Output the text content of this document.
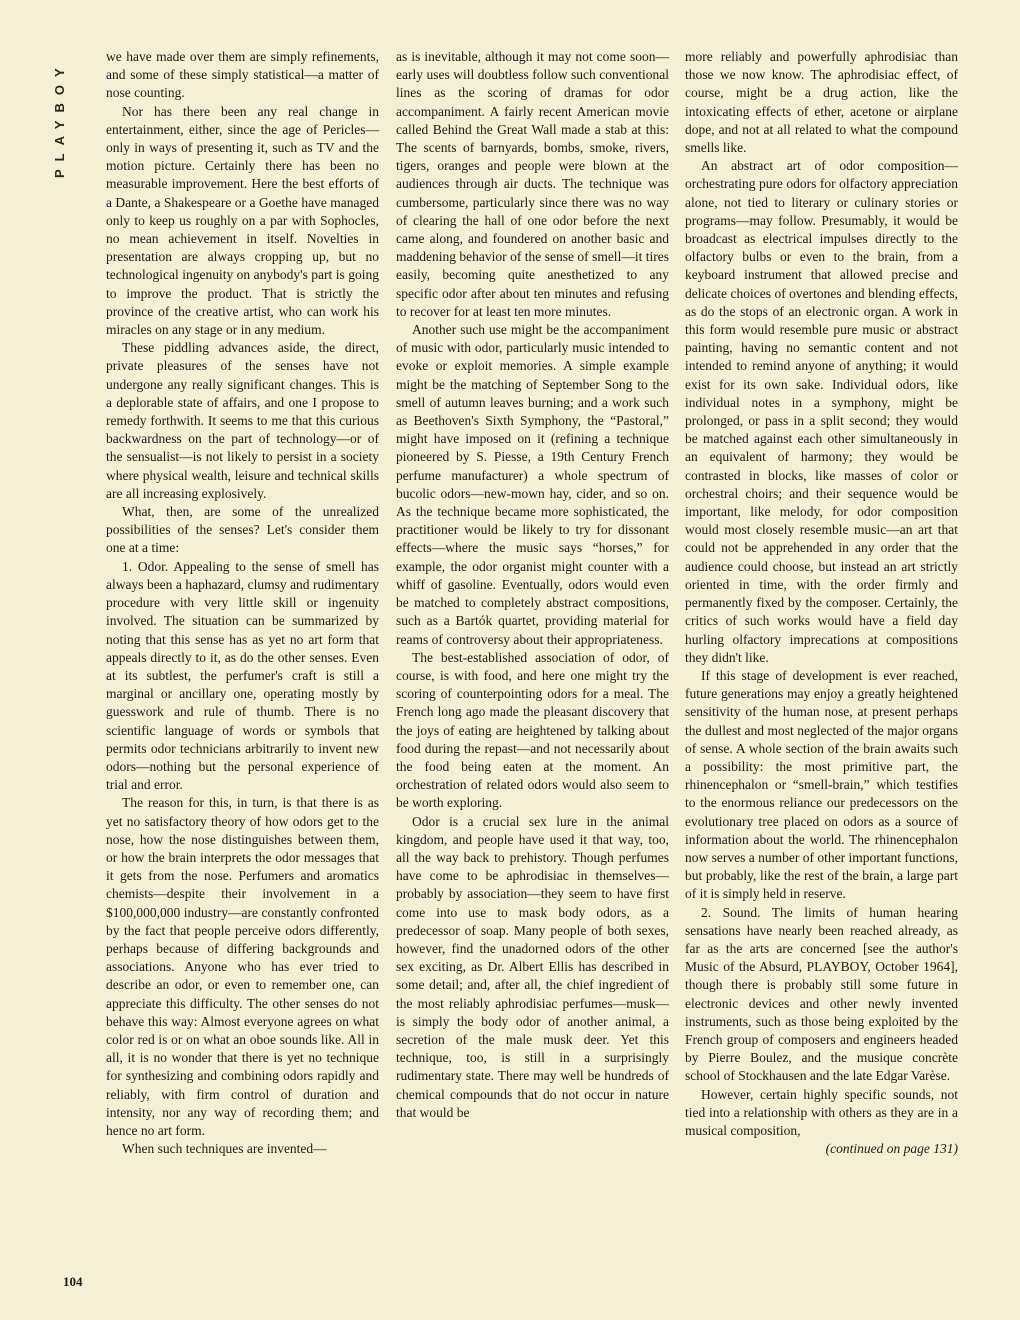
PLAYBOY
104

we have made over them are simply refinements, and some of these simply statistical—a matter of nose counting.

Nor has there been any real change in entertainment, either, since the age of Pericles—only in ways of presenting it, such as TV and the motion picture. Certainly there has been no measurable improvement. Here the best efforts of a Dante, a Shakespeare or a Goethe have managed only to keep us roughly on a par with Sophocles, no mean achievement in itself. Novelties in presentation are always cropping up, but no technological ingenuity on anybody's part is going to improve the product. That is strictly the province of the creative artist, who can work his miracles on any stage or in any medium.

These piddling advances aside, the direct, private pleasures of the senses have not undergone any really significant changes. This is a deplorable state of affairs, and one I propose to remedy forthwith. It seems to me that this curious backwardness on the part of technology—or of the sensualist—is not likely to persist in a society where physical wealth, leisure and technical skills are all increasing explosively.

What, then, are some of the unrealized possibilities of the senses? Let's consider them one at a time:

1. Odor. Appealing to the sense of smell has always been a haphazard, clumsy and rudimentary procedure with very little skill or ingenuity involved. The situation can be summarized by noting that this sense has as yet no art form that appeals directly to it, as do the other senses. Even at its subtlest, the perfumer's craft is still a marginal or ancillary one, operating mostly by guesswork and rule of thumb. There is no scientific language of words or symbols that permits odor technicians arbitrarily to invent new odors—nothing but the personal experience of trial and error.

The reason for this, in turn, is that there is as yet no satisfactory theory of how odors get to the nose, how the nose distinguishes between them, or how the brain interprets the odor messages that it gets from the nose. Perfumers and aromatics chemists—despite their involvement in a $100,000,000 industry—are constantly confronted by the fact that people perceive odors differently, perhaps because of differing backgrounds and associations. Anyone who has ever tried to describe an odor, or even to remember one, can appreciate this difficulty. The other senses do not behave this way: Almost everyone agrees on what color red is or on what an oboe sounds like. All in all, it is no wonder that there is yet no technique for synthesizing and combining odors rapidly and reliably, with firm control of duration and intensity, nor any way of recording them; and hence no art form.

When such techniques are invented—

as is inevitable, although it may not come soon—early uses will doubtless follow such conventional lines as the scoring of dramas for odor accompaniment. A fairly recent American movie called Behind the Great Wall made a stab at this: The scents of barnyards, bombs, smoke, rivers, tigers, oranges and people were blown at the audiences through air ducts. The technique was cumbersome, particularly since there was no way of clearing the hall of one odor before the next came along, and foundered on another basic and maddening behavior of the sense of smell—it tires easily, becoming quite anesthetized to any specific odor after about ten minutes and refusing to recover for at least ten more minutes.

Another such use might be the accompaniment of music with odor, particularly music intended to evoke or exploit memories. A simple example might be the matching of September Song to the smell of autumn leaves burning; and a work such as Beethoven's Sixth Symphony, the “Pastoral,” might have imposed on it (refining a technique pioneered by S. Piesse, a 19th Century French perfume manufacturer) a whole spectrum of bucolic odors—new-mown hay, cider, and so on. As the technique became more sophisticated, the practitioner would be likely to try for dissonant effects—where the music says “horses,” for example, the odor organist might counter with a whiff of gasoline. Eventually, odors would even be matched to completely abstract compositions, such as a Bartók quartet, providing material for reams of controversy about their appropriateness.

The best-established association of odor, of course, is with food, and here one might try the scoring of counterpointing odors for a meal. The French long ago made the pleasant discovery that the joys of eating are heightened by talking about food during the repast—and not necessarily about the food being eaten at the moment. An orchestration of related odors would also seem to be worth exploring.

Odor is a crucial sex lure in the animal kingdom, and people have used it that way, too, all the way back to prehistory. Though perfumes have come to be aphrodisiac in themselves—probably by association—they seem to have first come into use to mask body odors, as a predecessor of soap. Many people of both sexes, however, find the unadorned odors of the other sex exciting, as Dr. Albert Ellis has described in some detail; and, after all, the chief ingredient of the most reliably aphrodisiac perfumes—musk—is simply the body odor of another animal, a secretion of the male musk deer. Yet this technique, too, is still in a surprisingly rudimentary state. There may well be hundreds of chemical compounds that do not occur in nature that would be

more reliably and powerfully aphrodisiac than those we now know. The aphrodisiac effect, of course, might be a drug action, like the intoxicating effects of ether, acetone or airplane dope, and not at all related to what the compound smells like.

An abstract art of odor composition—orchestrating pure odors for olfactory appreciation alone, not tied to literary or culinary stories or programs—may follow. Presumably, it would be broadcast as electrical impulses directly to the olfactory bulbs or even to the brain, from a keyboard instrument that allowed precise and delicate choices of overtones and blending effects, as do the stops of an electronic organ. A work in this form would resemble pure music or abstract painting, having no semantic content and not intended to remind anyone of anything; it would exist for its own sake. Individual odors, like individual notes in a symphony, might be prolonged, or pass in a split second; they would be matched against each other simultaneously in an equivalent of harmony; they would be contrasted in blocks, like masses of color or orchestral choirs; and their sequence would be important, like melody, for odor composition would most closely resemble music—an art that could not be apprehended in any order that the audience could choose, but instead an art strictly oriented in time, with the order firmly and permanently fixed by the composer. Certainly, the critics of such works would have a field day hurling olfactory imprecations at compositions they didn't like.

If this stage of development is ever reached, future generations may enjoy a greatly heightened sensitivity of the human nose, at present perhaps the dullest and most neglected of the major organs of sense. A whole section of the brain awaits such a possibility: the most primitive part, the rhinencephalon or “smell-brain,” which testifies to the enormous reliance our predecessors on the evolutionary tree placed on odors as a source of information about the world. The rhinencephalon now serves a number of other important functions, but probably, like the rest of the brain, a large part of it is simply held in reserve.

2. Sound. The limits of human hearing sensations have nearly been reached already, as far as the arts are concerned [see the author's Music of the Absurd, PLAYBOY, October 1964], though there is probably still some future in electronic devices and other newly invented instruments, such as those being exploited by the French group of composers and engineers headed by Pierre Boulez, and the musique concrète school of Stockhausen and the late Edgar Varèse.

However, certain highly specific sounds, not tied into a relationship with others as they are in a musical composition,

(continued on page 131)
